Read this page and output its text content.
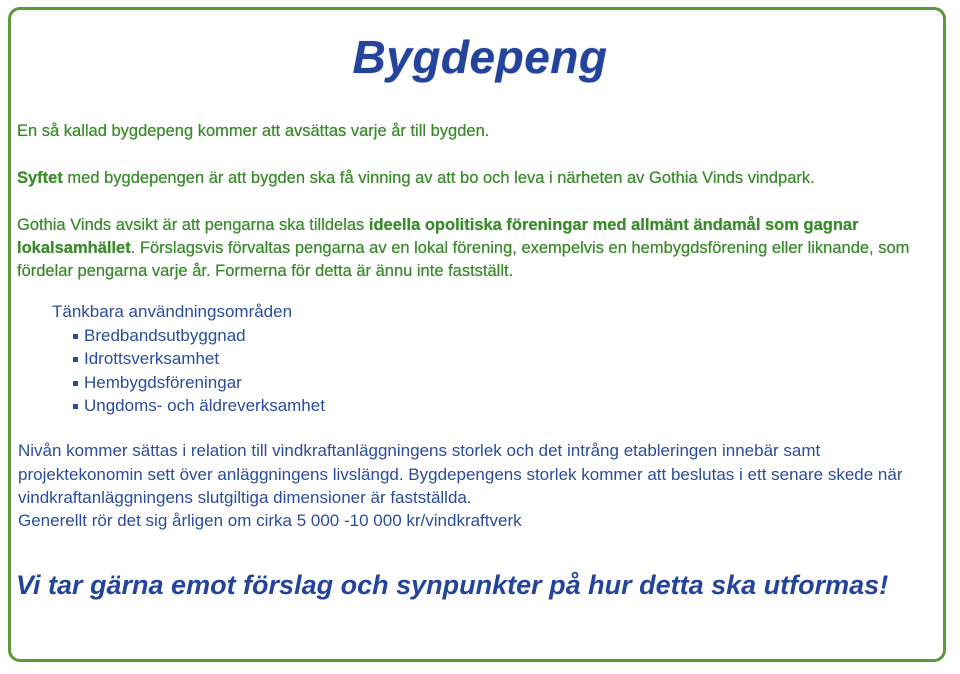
Bygdepeng
En så kallad bygdepeng kommer att avsättas varje år till bygden.
Syftet med bygdepengen är att bygden ska få vinning av att bo och leva i närheten av Gothia Vinds vindpark.
Gothia Vinds avsikt är att pengarna ska tilldelas ideella opolitiska föreningar med allmänt ändamål som gagnar lokalsamhället. Förslagsvis förvaltas pengarna av en lokal förening, exempelvis en hembygdsförening eller liknande, som fördelar pengarna varje år. Formerna för detta är ännu inte fastställt.
Tänkbara användningsområden
Bredbandsutbyggnad
Idrottsverksamhet
Hembygdsföreningar
Ungdoms- och äldreverksamhet
Nivån kommer sättas i relation till vindkraftanläggningens storlek och det intrång etableringen innebär samt projektekonomin sett över anläggningens livslängd. Bygdepengens storlek kommer att beslutas i ett senare skede när vindkraftanläggningens slutgiltiga dimensioner är fastställda.
Generellt rör det sig årligen om cirka 5 000 -10 000 kr/vindkraftverk
Vi tar gärna emot förslag och synpunkter på hur detta ska utformas!
